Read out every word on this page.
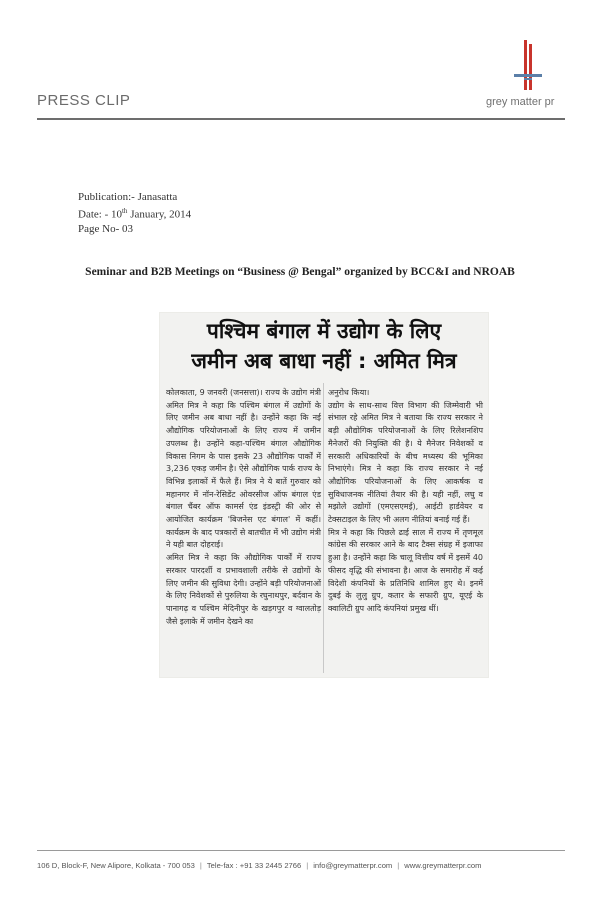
PRESS CLIP	grey matter pr
Publication:- Janasatta
Date: - 10th January, 2014
Page No- 03
Seminar and B2B Meetings on “Business @ Bengal” organized by BCC&I and NROAB
पश्चिम बंगाल में उद्योग के लिए
जमीन अब बाधा नहीं : अमित मित्र

कोलकाता, 9 जनवरी (जनसत्ता)। राज्य के उद्योग मंत्री अमित मित्र ने कहा कि पश्चिम बंगाल में उद्योगों के लिए जमीन अब बाधा नहीं है। उन्होंने कहा कि नई औद्योगिक परियोजनाओं के लिए राज्य में जमीन उपलब्ध है। उन्होंने कहा-पश्चिम बंगाल औद्योगिक विकास निगम के पास इसके 23 औद्योगिक पार्कों में 3,236 एकड़ जमीन है। ऐसे औद्योगिक पार्क राज्य के विभिन्न इलाकों में फैले हैं। मित्र ने ये बातें गुरुवार को महानगर में नॉन-रेसिडेंट ओवरसीज ऑफ बंगाल एंड बंगाल चैंबर ऑफ कामर्स एंड इंडस्ट्री की ओर से आयोजित कार्यक्रम 'बिजनेस एट बंगाल' में कहीं। कार्यक्रम के बाद पत्रकारों से बातचीत में भी उद्योग मंत्री ने यही बात दोहराई।

अमित मित्र ने कहा कि औद्योगिक पार्कों में राज्य सरकार पारदर्शी व प्रभावशाली तरीके से उद्योगों के लिए जमीन की सुविधा देगी। उन्होंने बड़ी परियोजनाओं के लिए निवेशकों से पुरुलिया के रघुनाथपुर, बर्दवान के पानागढ़ व पश्चिम मेदिनीपुर के खड़गपुर व ग्वालतोड़ जैसे इलाके में जमीन देखने का

अनुरोध किया।

उद्योग के साथ-साथ वित्त विभाग की जिम्मेवारी भी संभाल रहे अमित मित्र ने बताया कि राज्य सरकार ने बड़ी औद्योगिक परियोजनाओं के लिए रिलेशनशिप मैनेजरों की नियुक्ति की है। ये मैनेजर निवेशकों व सरकारी अधिकारियों के बीच मध्यस्थ की भूमिका निभाएंगे। मित्र ने कहा कि राज्य सरकार ने नई औद्योगिक परियोजनाओं के लिए आकर्षक व सुविधाजनक नीतियां तैयार की है। यही नहीं, लघु व मझोले उद्योगों (एमएसएमई), आईटी हार्डवेयर व टेक्सटाइल के लिए भी अलग नीतियां बनाई गई हैं।

मित्र ने कहा कि पिछले ढाई साल में राज्य में तृणमूल कांग्रेस की सरकार आने के बाद टैक्स संग्रह में इजाफा हुआ है। उन्होंने कहा कि चालू वित्तीय वर्ष में इसमें 40 फीसद वृद्धि की संभावना है। आज के समारोह में कई विदेशी कंपनियों के प्रतिनिधि शामिल हुए थे। इनमें दुबई के लुलु ग्रुप, कतार के सफारी ग्रुप, यूएई के क्वालिटी ग्रुप आदि कंपनियां प्रमुख थीं।

106 D, Block-F, New Alipore, Kolkata - 700 053 | Tele-fax : +91 33 2445 2766 | info@greymatterpr.com | www.greymatterpr.com
